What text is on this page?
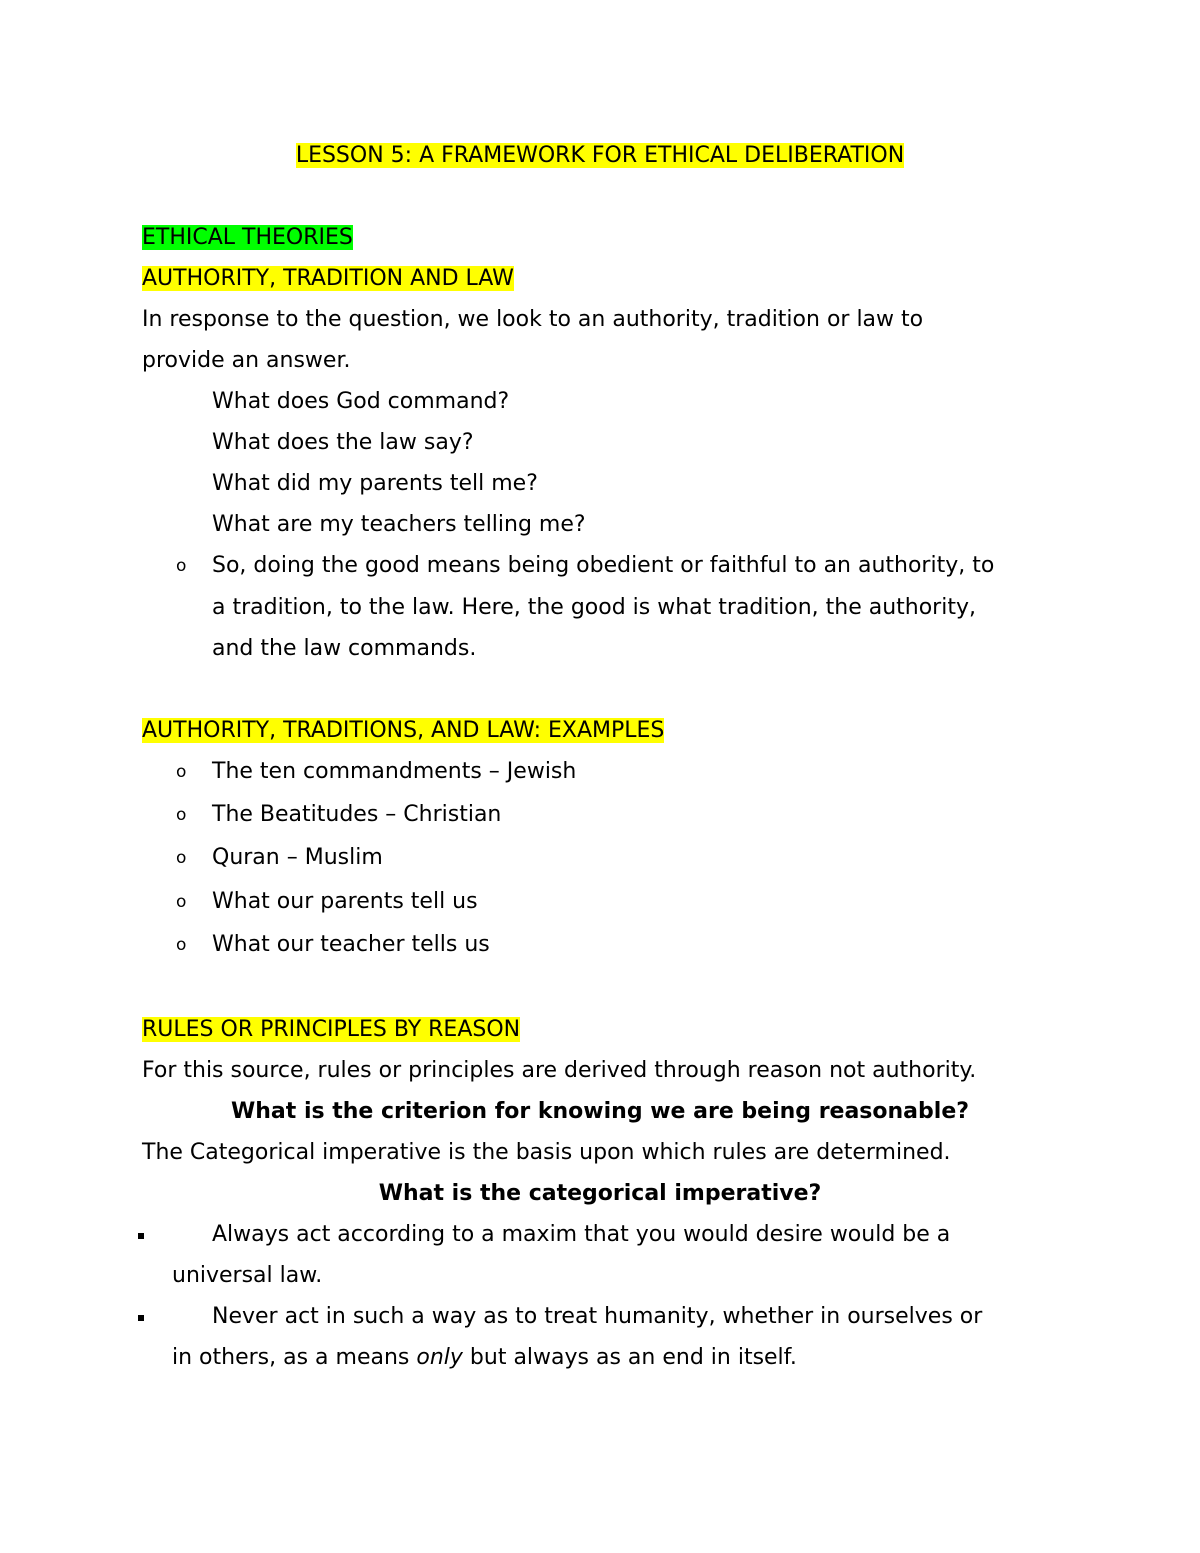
LESSON 5: A FRAMEWORK FOR ETHICAL DELIBERATION
ETHICAL THEORIES
AUTHORITY, TRADITION AND LAW
In response to the question, we look to an authority, tradition or law to
provide an answer.
What does God command?
What does the law say?
What did my parents tell me?
What are my teachers telling me?
o So, doing the good means being obedient or faithful to an authority, to
a tradition, to the law. Here, the good is what tradition, the authority,
and the law commands.
AUTHORITY, TRADITIONS, AND LAW: EXAMPLES
o The ten commandments – Jewish
o The Beatitudes – Christian
o Quran – Muslim
o What our parents tell us
o What our teacher tells us
RULES OR PRINCIPLES BY REASON
For this source, rules or principles are derived through reason not authority.
What is the criterion for knowing we are being reasonable?
The Categorical imperative is the basis upon which rules are determined.
What is the categorical imperative?
Always act according to a maxim that you would desire would be a
universal law.
Never act in such a way as to treat humanity, whether in ourselves or
in others, as a means only but always as an end in itself.
